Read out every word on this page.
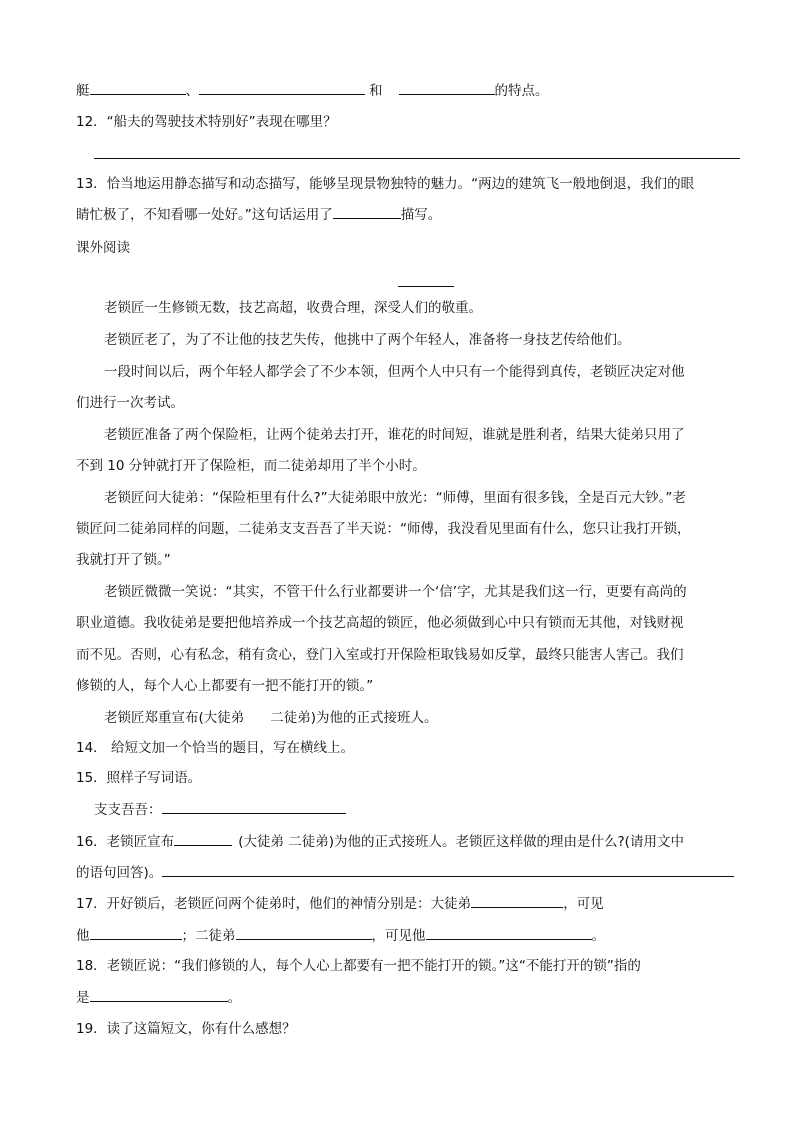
艇	、	和	的特点。
12．“船夫的驾驶技术特别好”表现在哪里？
13．恰当地运用静态描写和动态描写，能够呈现景物独特的魅力。“两边的建筑飞一般地倒退，我们的眼
睛忙极了，不知看哪一处好。”这句话运用了	描写。
课外阅读
老锁匠一生修锁无数，技艺高超，收费合理，深受人们的敬重。
老锁匠老了，为了不让他的技艺失传，他挑中了两个年轻人，准备将一身技艺传给他们。
一段时间以后，两个年轻人都学会了不少本领，但两个人中只有一个能得到真传，老锁匠决定对他
们进行一次考试。
老锁匠准备了两个保险柜，让两个徒弟去打开，谁花的时间短，谁就是胜利者，结果大徒弟只用了
不到 10 分钟就打开了保险柜，而二徒弟却用了半个小时。
老锁匠问大徒弟：“保险柜里有什么?”大徒弟眼中放光：“师傅，里面有很多钱，全是百元大钞。”老
锁匠问二徒弟同样的问题，二徒弟支支吾吾了半天说：“师傅，我没看见里面有什么，您只让我打开锁，
我就打开了锁。”
老锁匠微微一笑说：“其实，不管干什么行业都要讲一个‘信’字，尤其是我们这一行，更要有高尚的
职业道德。我收徒弟是要把他培养成一个技艺高超的锁匠，他必须做到心中只有锁而无其他，对钱财视
而不见。否则，心有私念，稍有贪心，登门入室或打开保险柜取钱易如反掌，最终只能害人害己。我们
修锁的人，每个人心上都要有一把不能打开的锁。”
老锁匠郑重宣布(大徒弟 二徒弟)为他的正式接班人。
14． 给短文加一个恰当的题目，写在横线上。
15．照样子写词语。
支支吾吾：
16．老锁匠宣布	(大徒弟 二徒弟)为他的正式接班人。老锁匠这样做的理由是什么?(请用文中
的语句回答)。
17．开好锁后，老锁匠问两个徒弟时，他们的神情分别是：大徒弟	，可见
他	；二徒弟	，可见他	。
18．老锁匠说：“我们修锁的人，每个人心上都要有一把不能打开的锁。”这“不能打开的锁”指的
是	。
19．读了这篇短文，你有什么感想？
